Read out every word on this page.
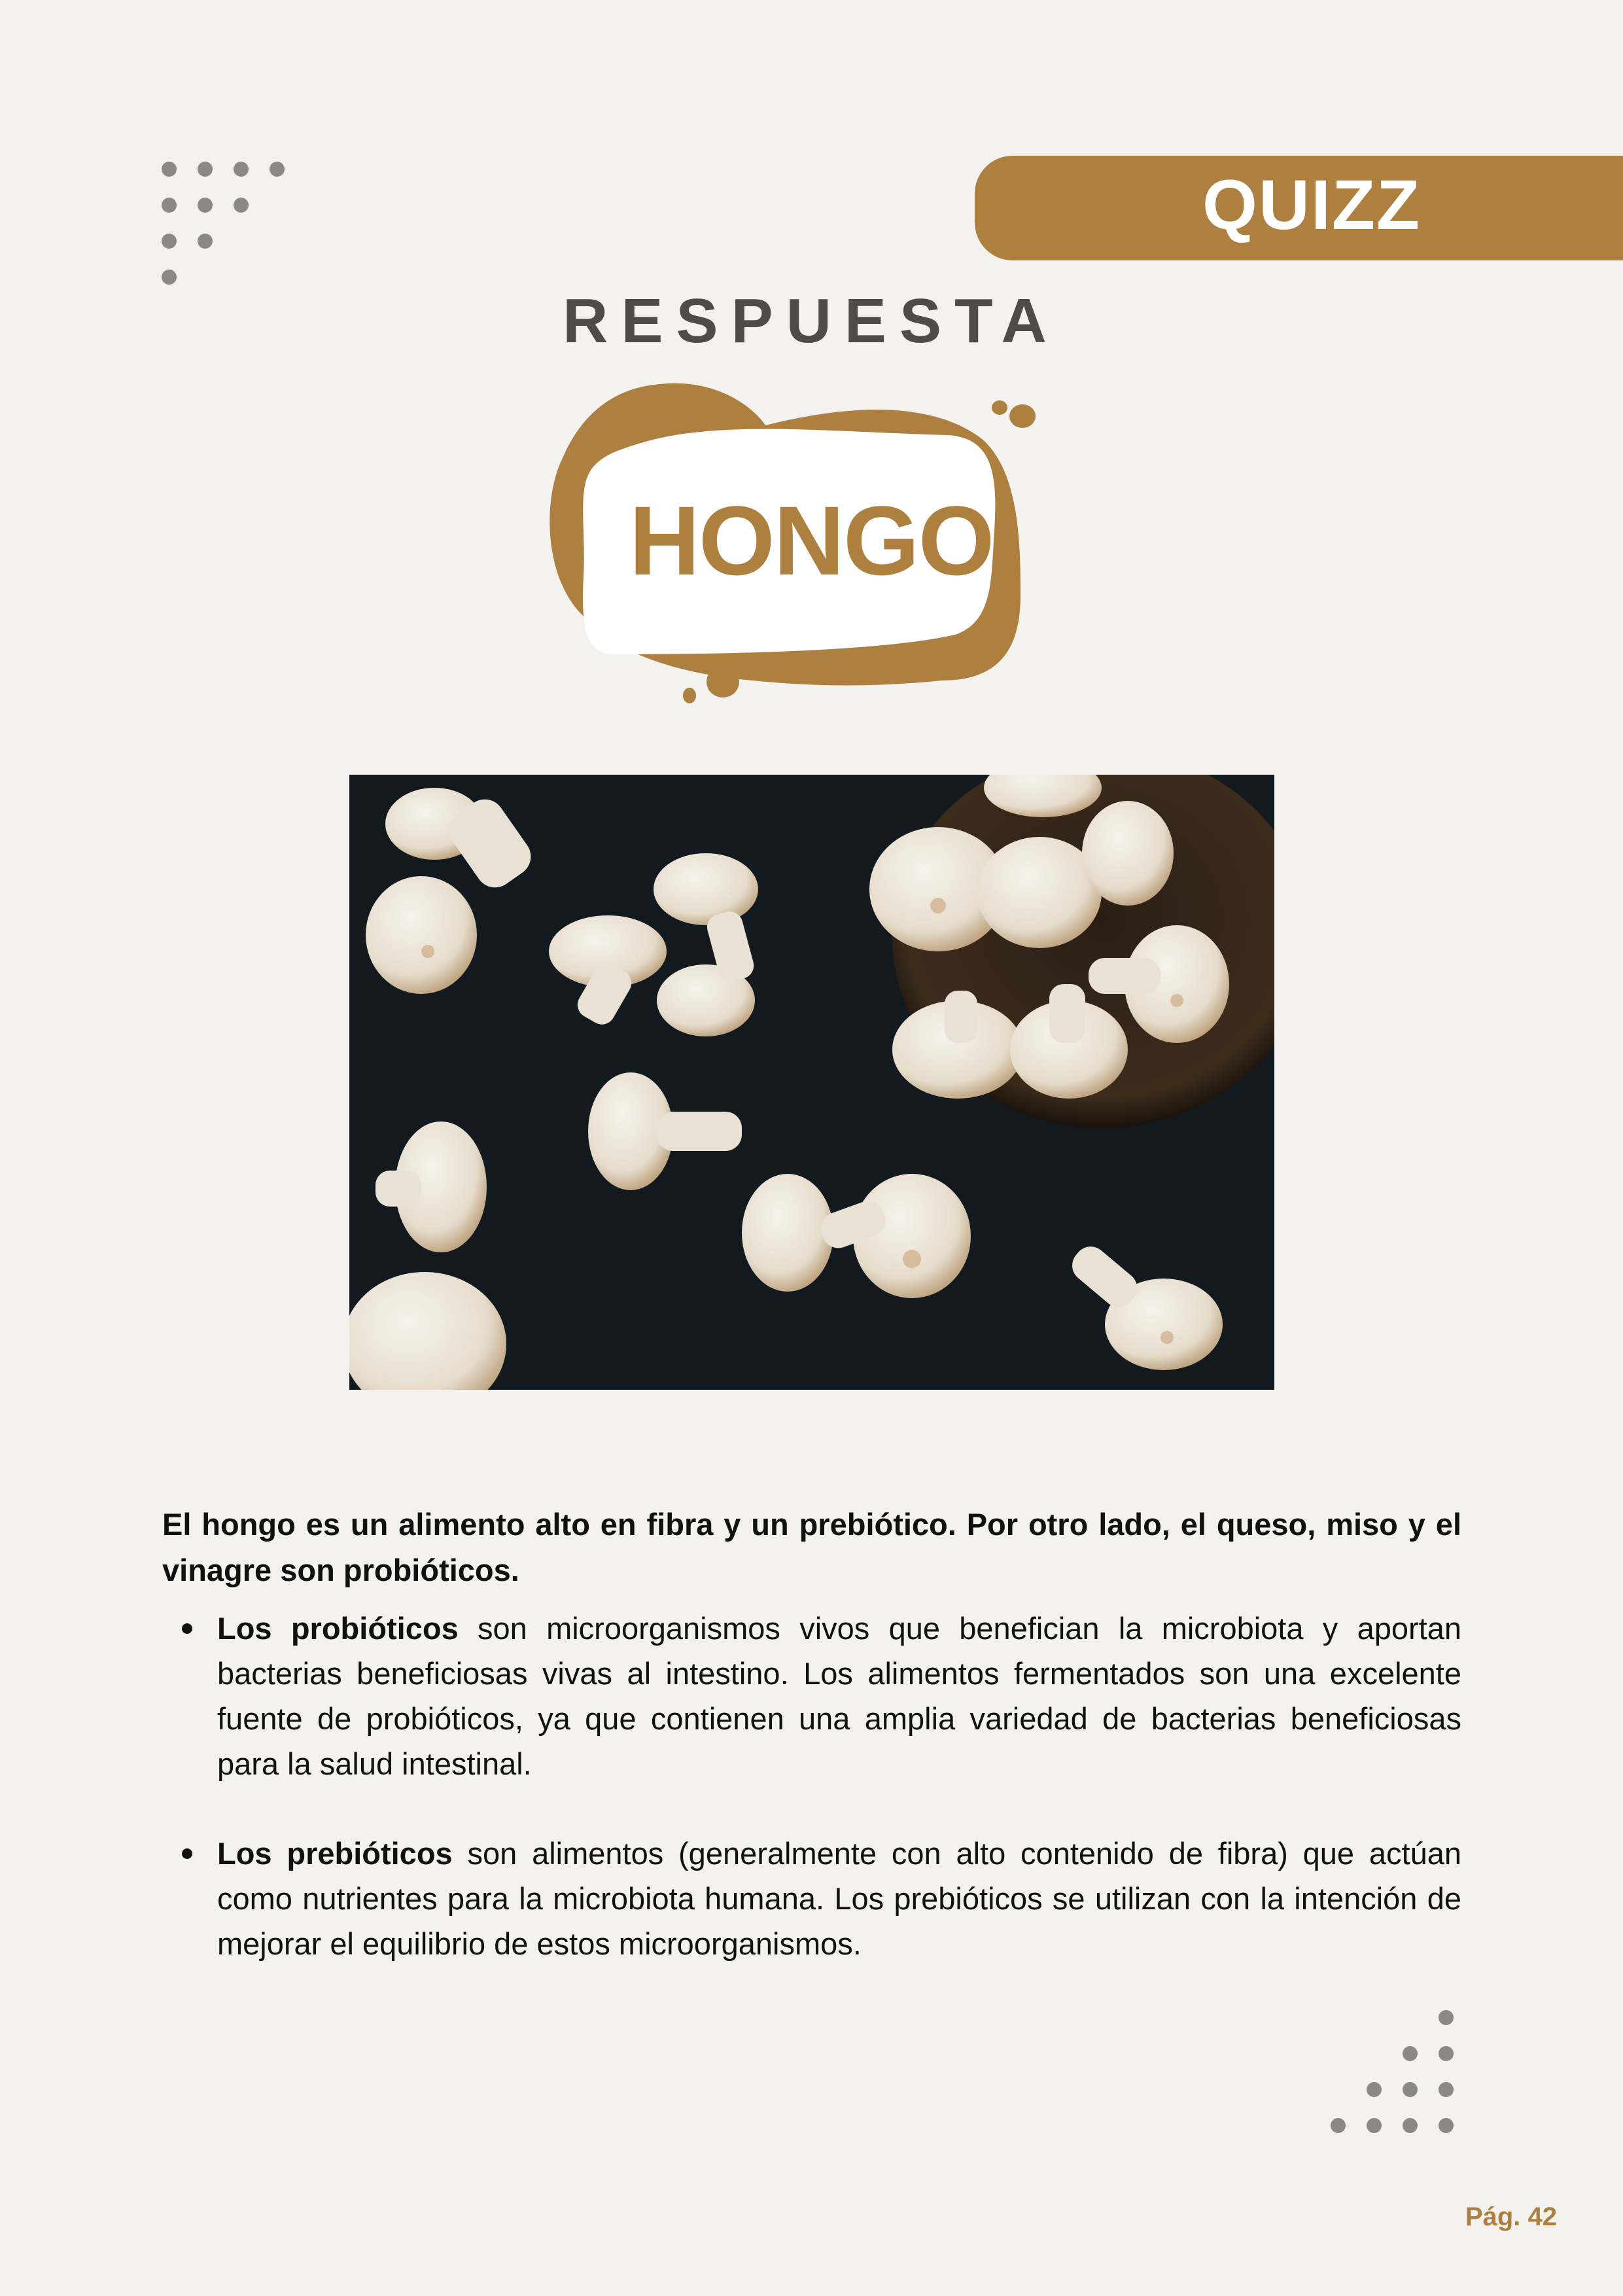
QUIZZ
RESPUESTA
HONGO

El hongo es un alimento alto en fibra y un prebiótico. Por otro lado, el queso, miso y el vinagre son probióticos.

Los probióticos son microorganismos vivos que benefician la microbiota y aportan bacterias beneficiosas vivas al intestino. Los alimentos fermentados son una excelente fuente de probióticos, ya que contienen una amplia variedad de bacterias beneficiosas para la salud intestinal.
Los prebióticos son alimentos (generalmente con alto contenido de fibra) que actúan como nutrientes para la microbiota humana. Los prebióticos se utilizan con la intención de mejorar el equilibrio de estos microorganismos.
Pág. 42
